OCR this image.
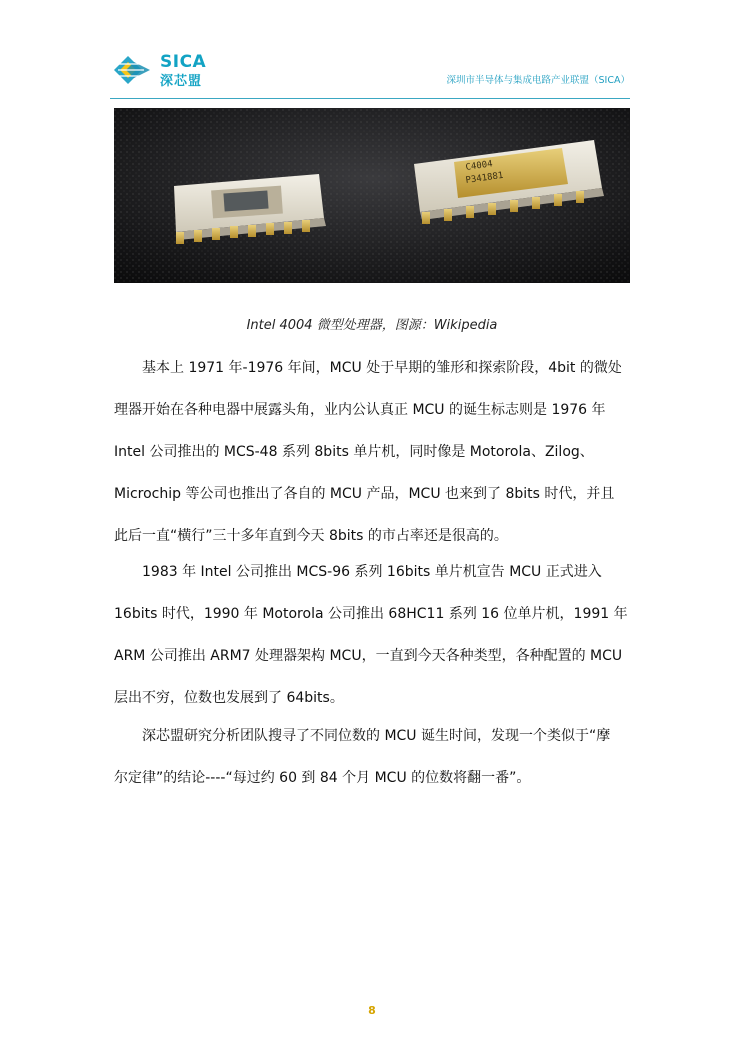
SICA
深芯盟	深圳市半导体与集成电路产业联盟（SICA）
C4004
P341881
Intel 4004 微型处理器，图源：Wikipedia
基本上 1971 年-1976 年间，MCU 处于早期的雏形和探索阶段，4bit 的微处
理器开始在各种电器中展露头角，业内公认真正 MCU 的诞生标志则是 1976 年
Intel 公司推出的 MCS-48 系列 8bits 单片机，同时像是 Motorola、Zilog、
Microchip 等公司也推出了各自的 MCU 产品，MCU 也来到了 8bits 时代，并且
此后一直“横行”三十多年直到今天 8bits 的市占率还是很高的。
1983 年 Intel 公司推出 MCS-96 系列 16bits 单片机宣告 MCU 正式进入
16bits 时代，1990 年 Motorola 公司推出 68HC11 系列 16 位单片机，1991 年
ARM 公司推出 ARM7 处理器架构 MCU，一直到今天各种类型，各种配置的 MCU
层出不穷，位数也发展到了 64bits。
深芯盟研究分析团队搜寻了不同位数的 MCU 诞生时间，发现一个类似于“摩
尔定律”的结论----“每过约 60 到 84 个月 MCU 的位数将翻一番”。
8
